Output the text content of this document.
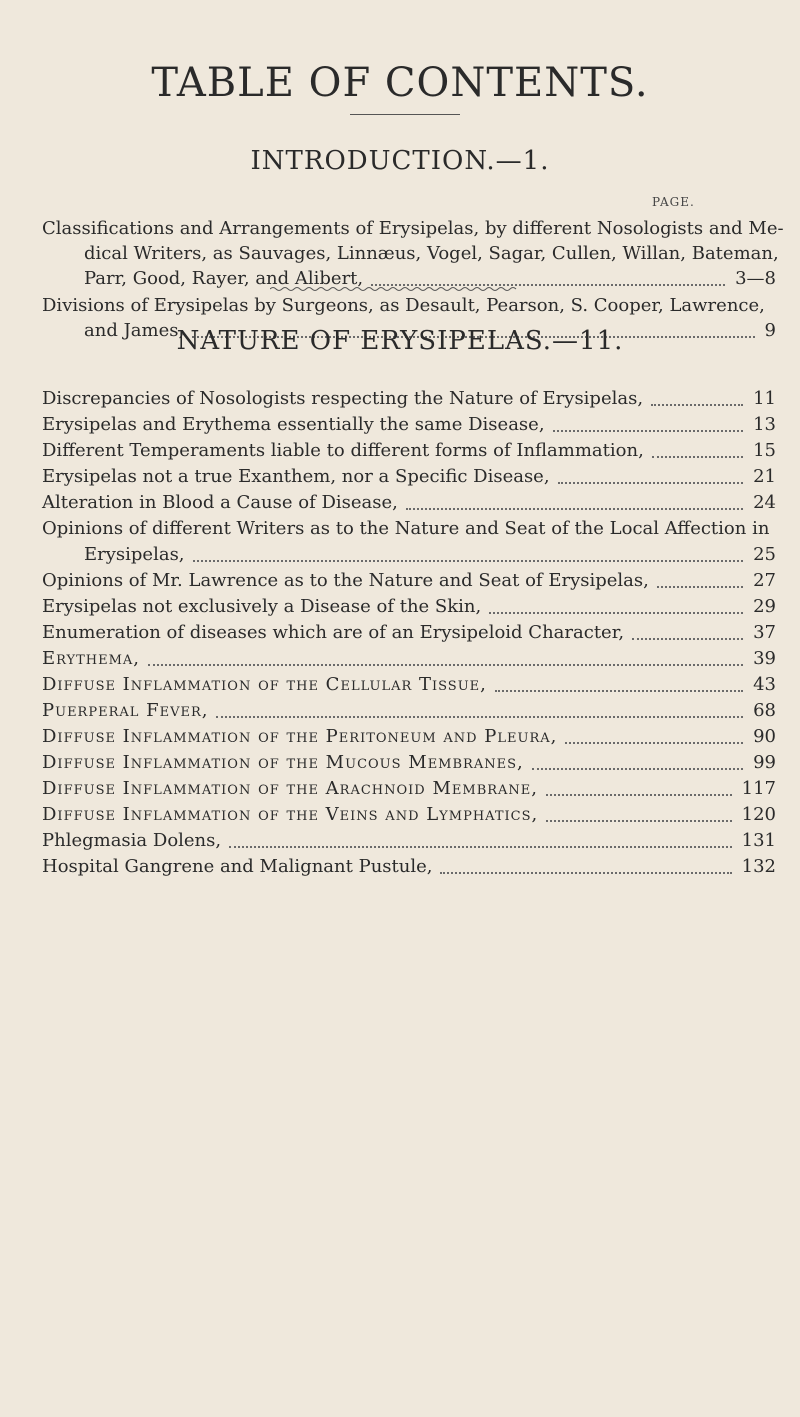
TABLE OF CONTENTS.
INTRODUCTION.—1.
PAGE.
Classifications and Arrangements of Erysipelas, by different Nosologists and Me-
dical Writers, as Sauvages, Linnæus, Vogel, Sagar, Cullen, Willan, Bateman,
Parr, Good, Rayer, and Alibert,	3—8
Divisions of Erysipelas by Surgeons, as Desault, Pearson, S. Cooper, Lawrence,
and James,	9
NATURE OF ERYSIPELAS.—11.
Discrepancies of Nosologists respecting the Nature of Erysipelas,	11
Erysipelas and Erythema essentially the same Disease,	13
Different Temperaments liable to different forms of Inflammation,	15
Erysipelas not a true Exanthem, nor a Specific Disease,	21
Alteration in Blood a Cause of Disease,	24
Opinions of different Writers as to the Nature and Seat of the Local Affection in
Erysipelas,	25
Opinions of Mr. Lawrence as to the Nature and Seat of Erysipelas,	27
Erysipelas not exclusively a Disease of the Skin,	29
Enumeration of diseases which are of an Erysipeloid Character,	37
Erythema,	39
Diffuse Inflammation of the Cellular Tissue,	43
Puerperal Fever,	68
Diffuse Inflammation of the Peritoneum and Pleura,	90
Diffuse Inflammation of the Mucous Membranes,	99
Diffuse Inflammation of the Arachnoid Membrane,	117
Diffuse Inflammation of the Veins and Lymphatics,	120
Phlegmasia Dolens,	131
Hospital Gangrene and Malignant Pustule,	132
